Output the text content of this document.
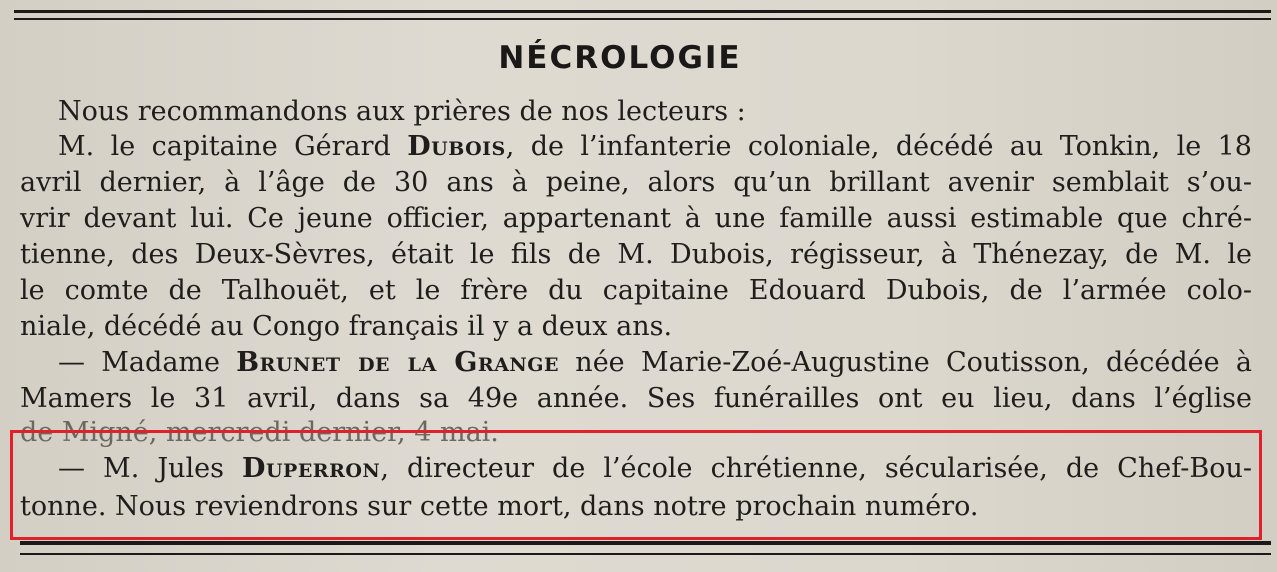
NÉCROLOGIE
Nous recommandons aux prières de nos lecteurs :
M. le capitaine Gérard Dubois, de l’infanterie coloniale, décédé au Tonkin, le 18
avril dernier, à l’âge de 30 ans à peine, alors qu’un brillant avenir semblait s’ou-
vrir devant lui. Ce jeune officier, appartenant à une famille aussi estimable que chré-
tienne, des Deux-Sèvres, était le fils de M. Dubois, régisseur, à Thénezay, de M. le
le comte de Talhouët, et le frère du capitaine Edouard Dubois, de l’armée colo-
niale, décédé au Congo français il y a deux ans.
— Madame Brunet de la Grange née Marie-Zoé-Augustine Coutisson, décédée à
Mamers le 31 avril, dans sa 49e année. Ses funérailles ont eu lieu, dans l’église
de Migné, mercredi dernier, 4 mai.
— M. Jules Duperron, directeur de l’école chrétienne, sécularisée, de Chef-Bou-
tonne. Nous reviendrons sur cette mort, dans notre prochain numéro.
